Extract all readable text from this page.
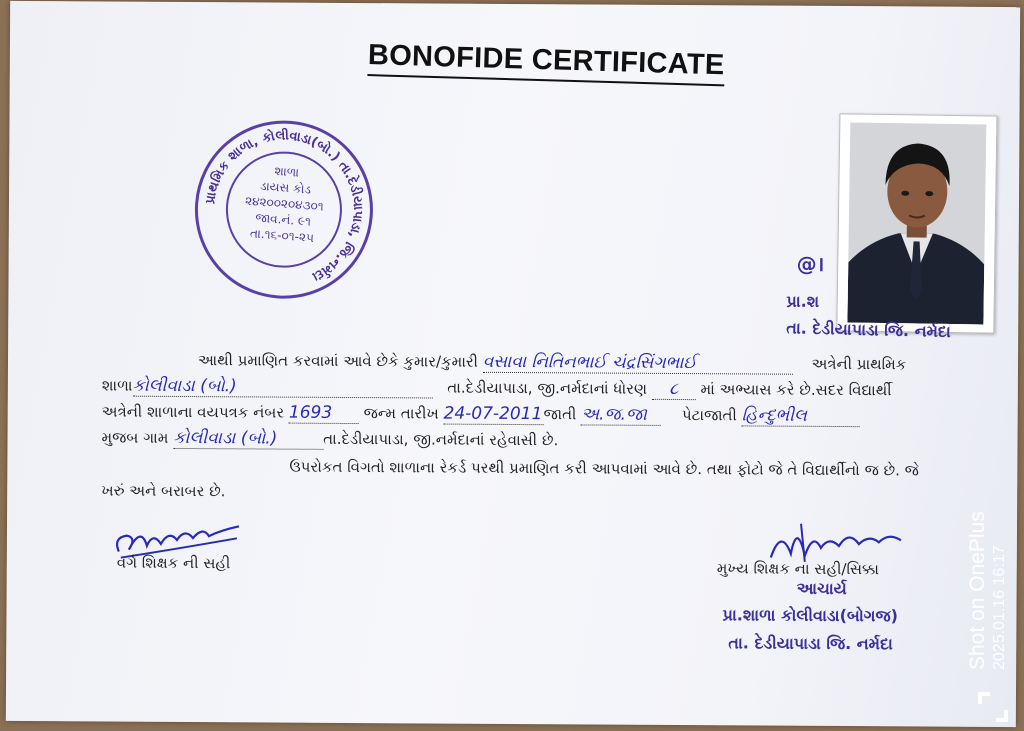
BONOFIDE CERTIFICATE
પ્રાથમિક શાળા, કોલીવાડા(બો.) તા.દેડીયાપાડા, જિ.નર્મદા
શાળા
ડાયસ કોડ
૨૪૨૦૦૨૦૪૩૦૧
જાવ.નં. ૯૧
તા.૧૬-૦૧-૨૫
@।
પ્રા.શ
તા. દેડીયાપાડા જિ. નર્મદા
આથી પ્રમાણિત કરવામાં આવે છેકે કુમાર/કુમારી વસાવા નિતિનભાઈ ચંદ્રસિંગભાઈ	અત્રેની પ્રાથમિક
શાળાકોલીવાડા (બો.)	તા.દેડીયાપાડા, જી.નર્મદાનાં ધોરણ ૮ માં અભ્યાસ કરે છે.સદર વિદ્યાર્થી
અત્રેની શાળાના વયપત્રક નંબર 1693 જન્મ તારીખ 24-07-2011જાતી અ.જ.જા પેટાજાતી હિન્દુભીલ
મુજબ ગામ કોલીવાડા (બો.)	તા.દેડીયાપાડા, જી.નર્મદાનાં રહેવાસી છે.
ઉપરોકત વિગતો શાળાના રેકર્ડ પરથી પ્રમાણિત કરી આપવામાં આવે છે. તથા ફોટો જે તે વિદ્યાર્થીનો જ છે. જે
ખરું અને બરાબર છે.
વર્ગ શિક્ષક ની સહી	મુખ્ય શિક્ષક ના સહી/સિક્કા
આચાર્ય
પ્રા.શાળા કોલીવાડા(બોગજ)
તા. દેડીયાપાડા જિ. નર્મદા
